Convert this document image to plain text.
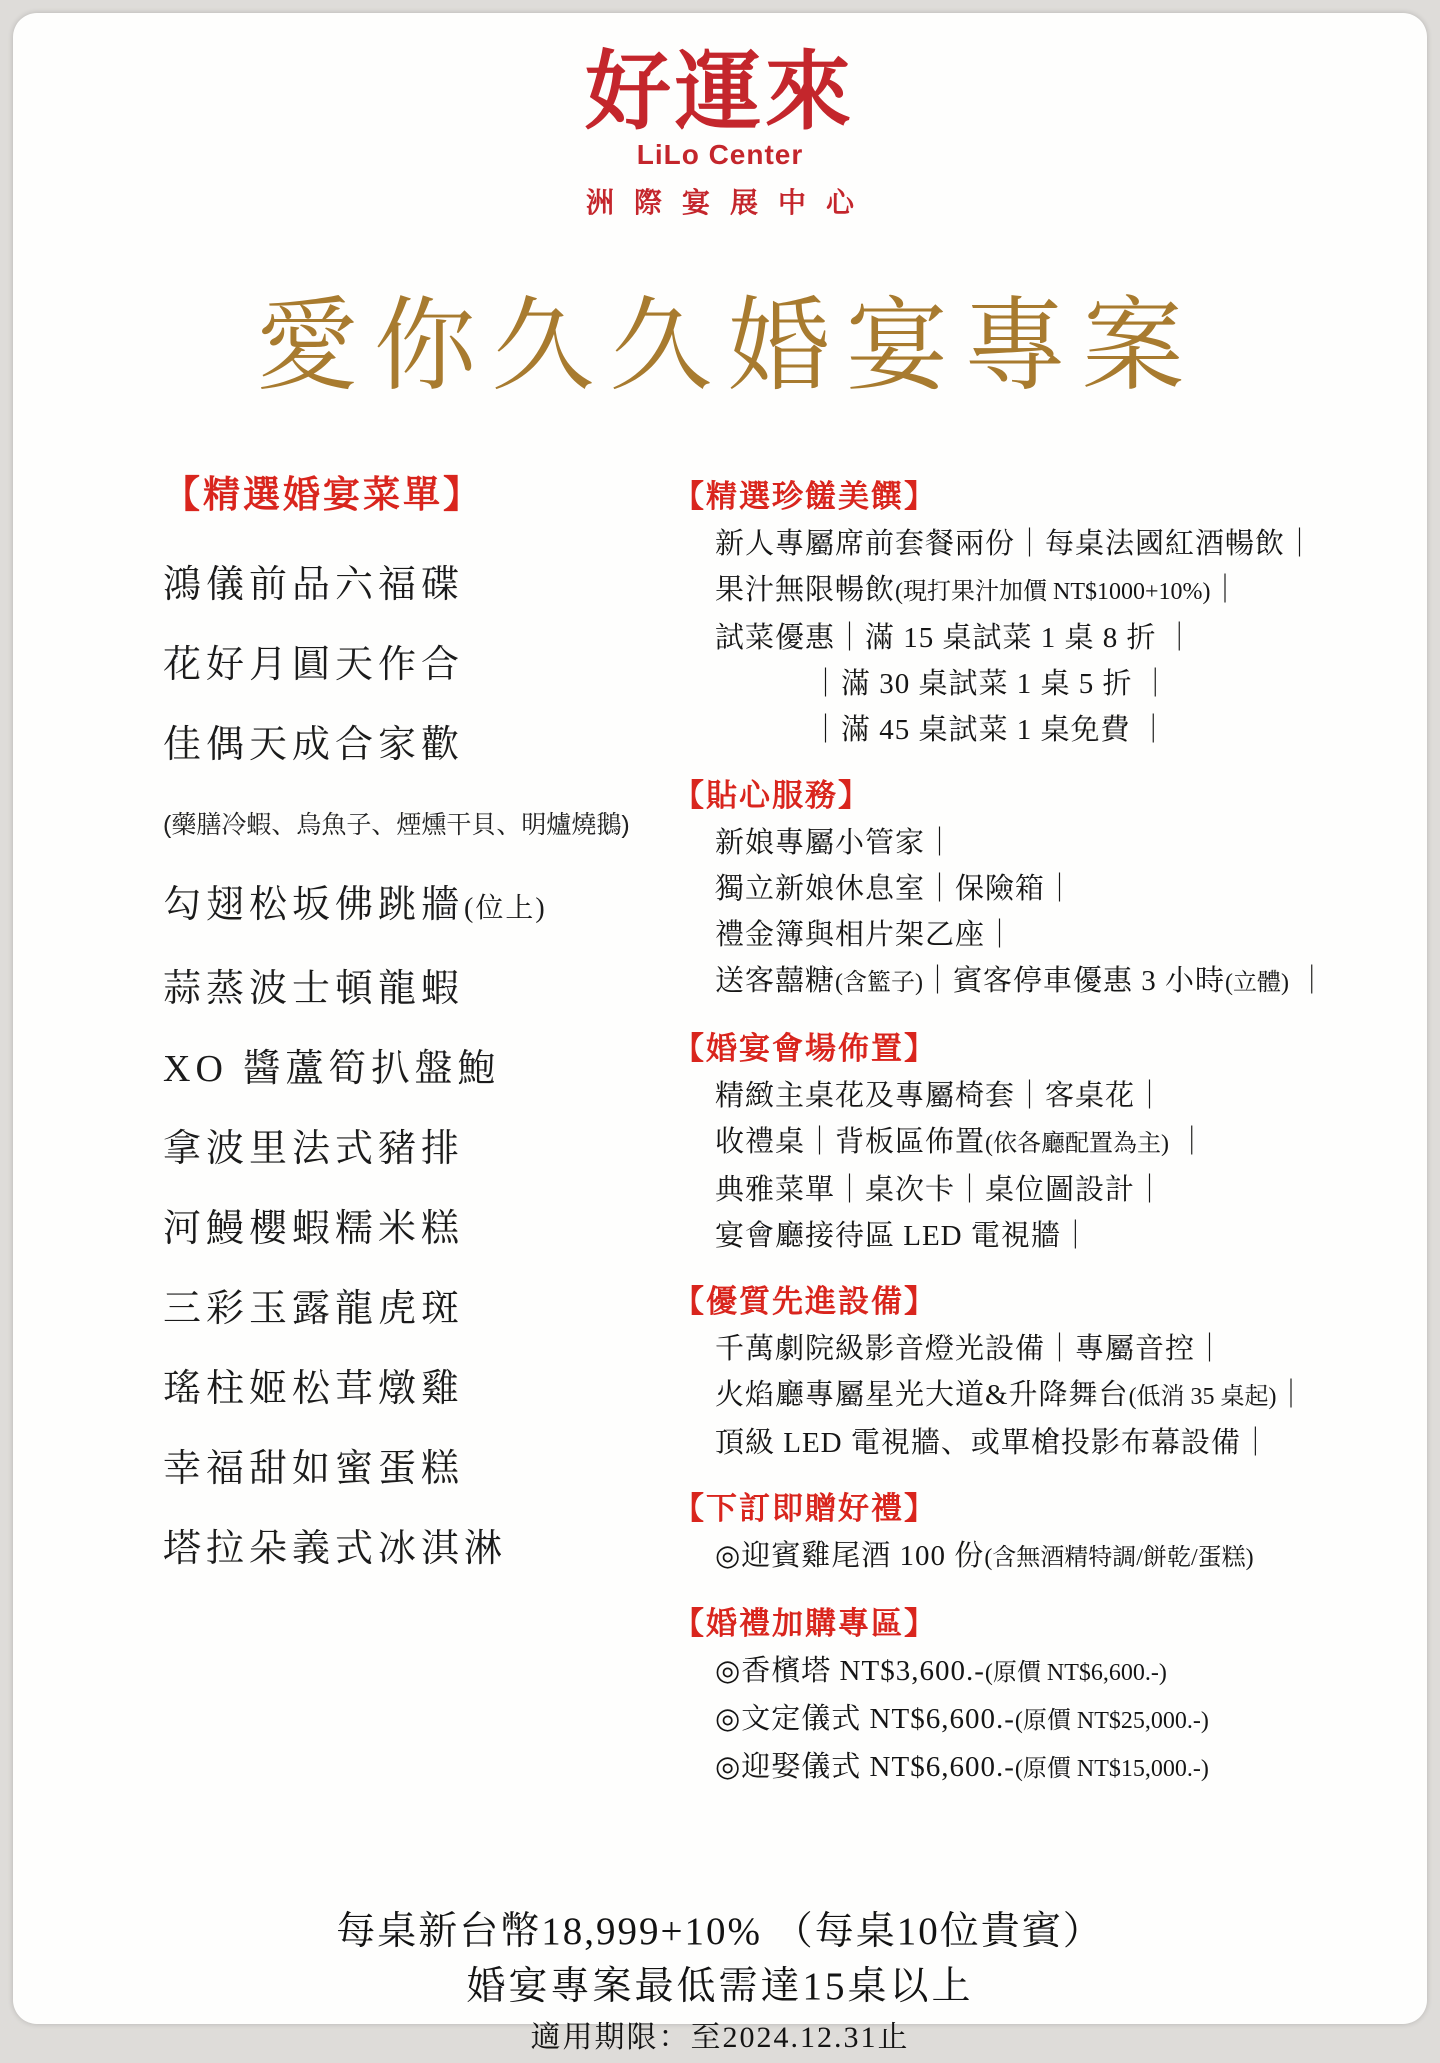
好運來
LiLo Center
洲際宴展中心
愛你久久婚宴專案
【精選婚宴菜單】
鴻儀前品六福碟
花好月圓天作合
佳偶天成合家歡
(藥膳冷蝦、烏魚子、煙燻干貝、明爐燒鵝)
勾翅松坂佛跳牆(位上)
蒜蒸波士頓龍蝦
XO 醬蘆筍扒盤鮑
拿波里法式豬排
河鰻櫻蝦糯米糕
三彩玉露龍虎斑
瑤柱姬松茸燉雞
幸福甜如蜜蛋糕
塔拉朵義式冰淇淋
【精選珍饈美饌】
新人專屬席前套餐兩份｜每桌法國紅酒暢飲｜
果汁無限暢飲(現打果汁加價 NT$1000+10%)｜
試菜優惠｜滿 15 桌試菜 1 桌 8 折 ｜
｜滿 30 桌試菜 1 桌 5 折 ｜
｜滿 45 桌試菜 1 桌免費 ｜
【貼心服務】
新娘專屬小管家｜
獨立新娘休息室｜保險箱｜
禮金簿與相片架乙座｜
送客囍糖(含籃子)｜賓客停車優惠 3 小時(立體) ｜
【婚宴會場佈置】
精緻主桌花及專屬椅套｜客桌花｜
收禮桌｜背板區佈置(依各廳配置為主) ｜
典雅菜單｜桌次卡｜桌位圖設計｜
宴會廳接待區 LED 電視牆｜
【優質先進設備】
千萬劇院級影音燈光設備｜專屬音控｜
火焰廳專屬星光大道&升降舞台(低消 35 桌起)｜
頂級 LED 電視牆、或單槍投影布幕設備｜
【下訂即贈好禮】
◎迎賓雞尾酒 100 份(含無酒精特調/餅乾/蛋糕)
【婚禮加購專區】
◎香檳塔 NT$3,600.-(原價 NT$6,600.-)
◎文定儀式 NT$6,600.-(原價 NT$25,000.-)
◎迎娶儀式 NT$6,600.-(原價 NT$15,000.-)
每桌新台幣18,999+10% （每桌10位貴賓）
婚宴專案最低需達15桌以上
適用期限：至2024.12.31止
